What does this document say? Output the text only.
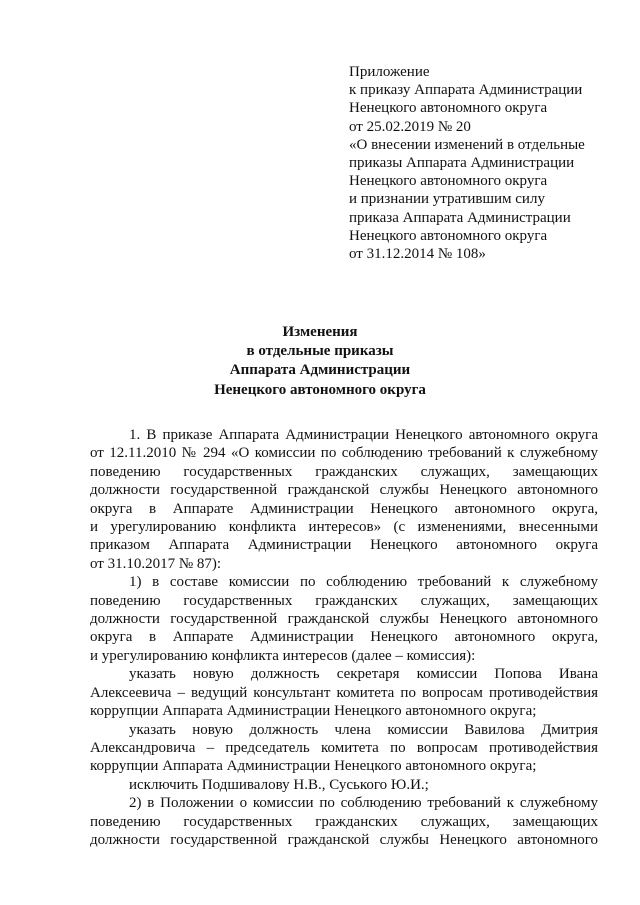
Приложение
к приказу Аппарата Администрации
Ненецкого автономного округа
от 25.02.2019 № 20
«О внесении изменений в отдельные
приказы Аппарата Администрации
Ненецкого автономного округа
и признании утратившим силу
приказа Аппарата Администрации
Ненецкого автономного округа
от 31.12.2014 № 108»
Изменения
в отдельные приказы
Аппарата Администрации
Ненецкого автономного округа
1. В приказе Аппарата Администрации Ненецкого автономного округа
от 12.11.2010 № 294 «О комиссии по соблюдению требований к служебному
поведению государственных гражданских служащих, замещающих
должности государственной гражданской службы Ненецкого автономного
округа в Аппарате Администрации Ненецкого автономного округа,
и урегулированию конфликта интересов» (с изменениями, внесенными
приказом Аппарата Администрации Ненецкого автономного округа
от 31.10.2017 № 87):
1) в составе комиссии по соблюдению требований к служебному
поведению государственных гражданских служащих, замещающих
должности государственной гражданской службы Ненецкого автономного
округа в Аппарате Администрации Ненецкого автономного округа,
и урегулированию конфликта интересов (далее – комиссия):
указать новую должность секретаря комиссии Попова Ивана
Алексеевича – ведущий консультант комитета по вопросам противодействия
коррупции Аппарата Администрации Ненецкого автономного округа;
указать новую должность члена комиссии Вавилова Дмитрия
Александровича – председатель комитета по вопросам противодействия
коррупции Аппарата Администрации Ненецкого автономного округа;
исключить Подшивалову Н.В., Суського Ю.И.;
2) в Положении о комиссии по соблюдению требований к служебному
поведению государственных гражданских служащих, замещающих
должности государственной гражданской службы Ненецкого автономного
